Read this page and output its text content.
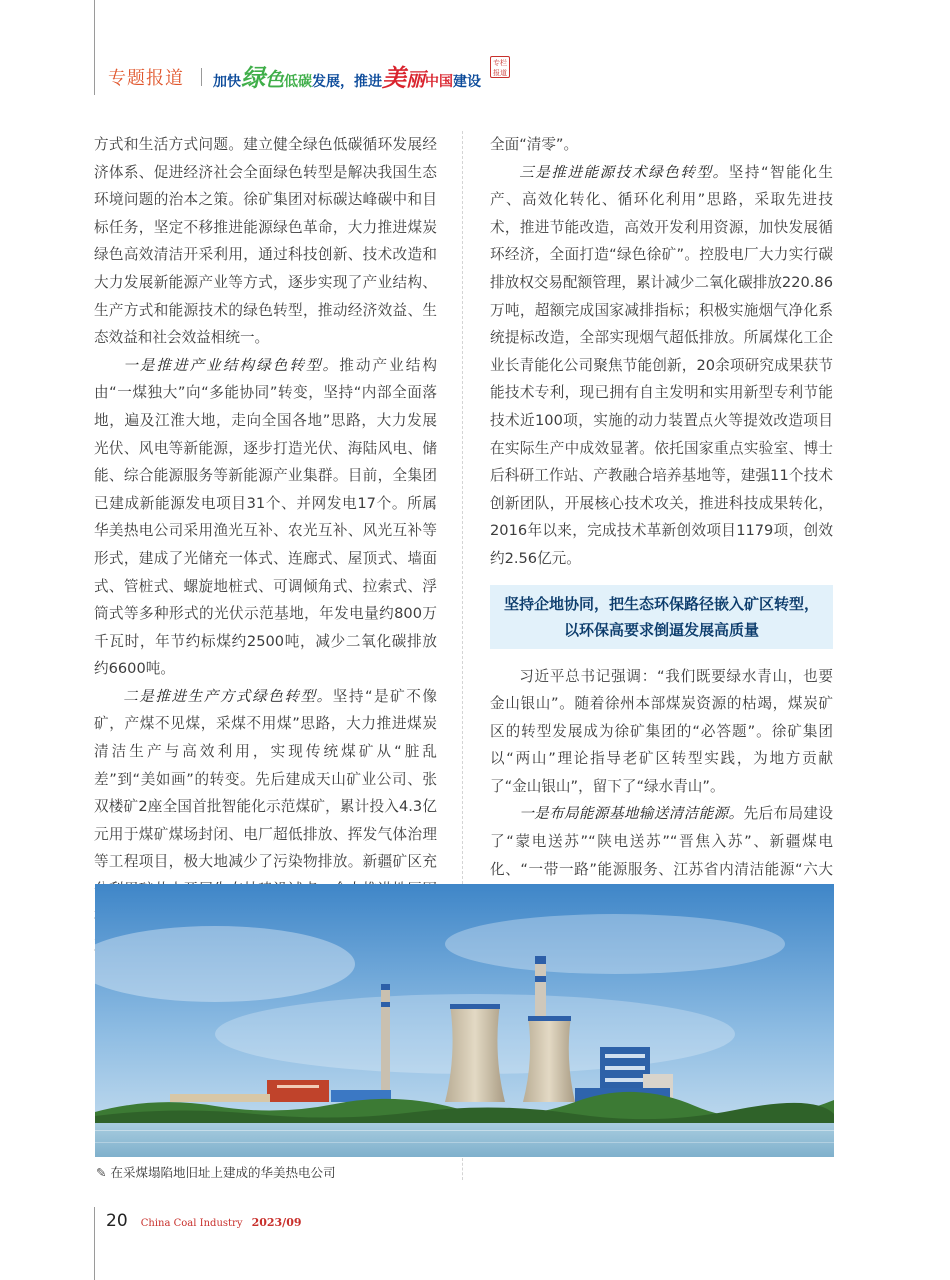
专题报道 加快绿色低碳发展，推进美丽中国建设
专栏
报道

方式和生活方式问题。建立健全绿色低碳循环发展经济体系、促进经济社会全面绿色转型是解决我国生态环境问题的治本之策。徐矿集团对标碳达峰碳中和目标任务，坚定不移推进能源绿色革命，大力推进煤炭绿色高效清洁开采利用，通过科技创新、技术改造和大力发展新能源产业等方式，逐步实现了产业结构、生产方式和能源技术的绿色转型，推动经济效益、生态效益和社会效益相统一。

一是推进产业结构绿色转型。推动产业结构由“一煤独大”向“多能协同”转变，坚持“内部全面落地，遍及江淮大地，走向全国各地”思路，大力发展光伏、风电等新能源，逐步打造光伏、海陆风电、储能、综合能源服务等新能源产业集群。目前，全集团已建成新能源发电项目31个、并网发电17个。所属华美热电公司采用渔光互补、农光互补、风光互补等形式，建成了光储充一体式、连廊式、屋顶式、墙面式、管桩式、螺旋地桩式、可调倾角式、拉索式、浮筒式等多种形式的光伏示范基地，年发电量约800万千瓦时，年节约标煤约2500吨，减少二氧化碳排放约6600吨。

二是推进生产方式绿色转型。坚持“是矿不像矿，产煤不见煤，采煤不用煤”思路，大力推进煤炭清洁生产与高效利用，实现传统煤矿从“脏乱差”到“美如画”的转变。先后建成天山矿业公司、张双楼矿2座全国首批智能化示范煤矿，累计投入4.3亿元用于煤矿煤场封闭、电厂超低排放、挥发气体治理等工程项目，极大地减少了污染物排放。新疆矿区充

全面“清零”。

三是推进能源技术绿色转型。坚持“智能化生产、高效化转化、循环化利用”思路，采取先进技术，推进节能改造，高效开发利用资源，加快发展循环经济，全面打造“绿色徐矿”。控股电厂大力实行碳排放权交易配额管理，累计减少二氧化碳排放220.86万吨，超额完成国家减排指标；积极实施烟气净化系统提标改造，全部实现烟气超低排放。所属煤化工企业长青能化公司聚焦节能创新，20余项研究成果获节能技术专利，现已拥有自主发明和实用新型专利节能技术近100项，实施的动力装置点火等提效改造项目在实际生产中成效显著。依托国家重点实验室、博士后科研工作站、产教融合培养基地等，建强11个技术创新团队，开展核心技术攻关，推进科技成果转化，2016年以来，完成技术革新创效项目1179项，创效约2.56亿元。

坚持企地协同，把生态环保路径嵌入矿区转型，以环保高要求倒逼发展高质量

习近平总书记强调：“我们既要绿水青山，也要金山银山”。随着徐州本部煤炭资源的枯竭，煤炭矿区的转型发展成为徐矿集团的“必答题”。徐矿集团以“两山”理论指导老矿区转型实践，为地方贡献了“金山银山”，留下了“绿水青山”。

一是布局能源基地输送清洁能源。先后布局建设了“蒙电送苏”“陕电送苏”“晋焦入苏”、新疆煤电化、“一带一路”能源服务、江苏省内清洁能源“六大

✎ 在采煤塌陷地旧址上建成的华美热电公司
20 China Coal Industry 2023/09
